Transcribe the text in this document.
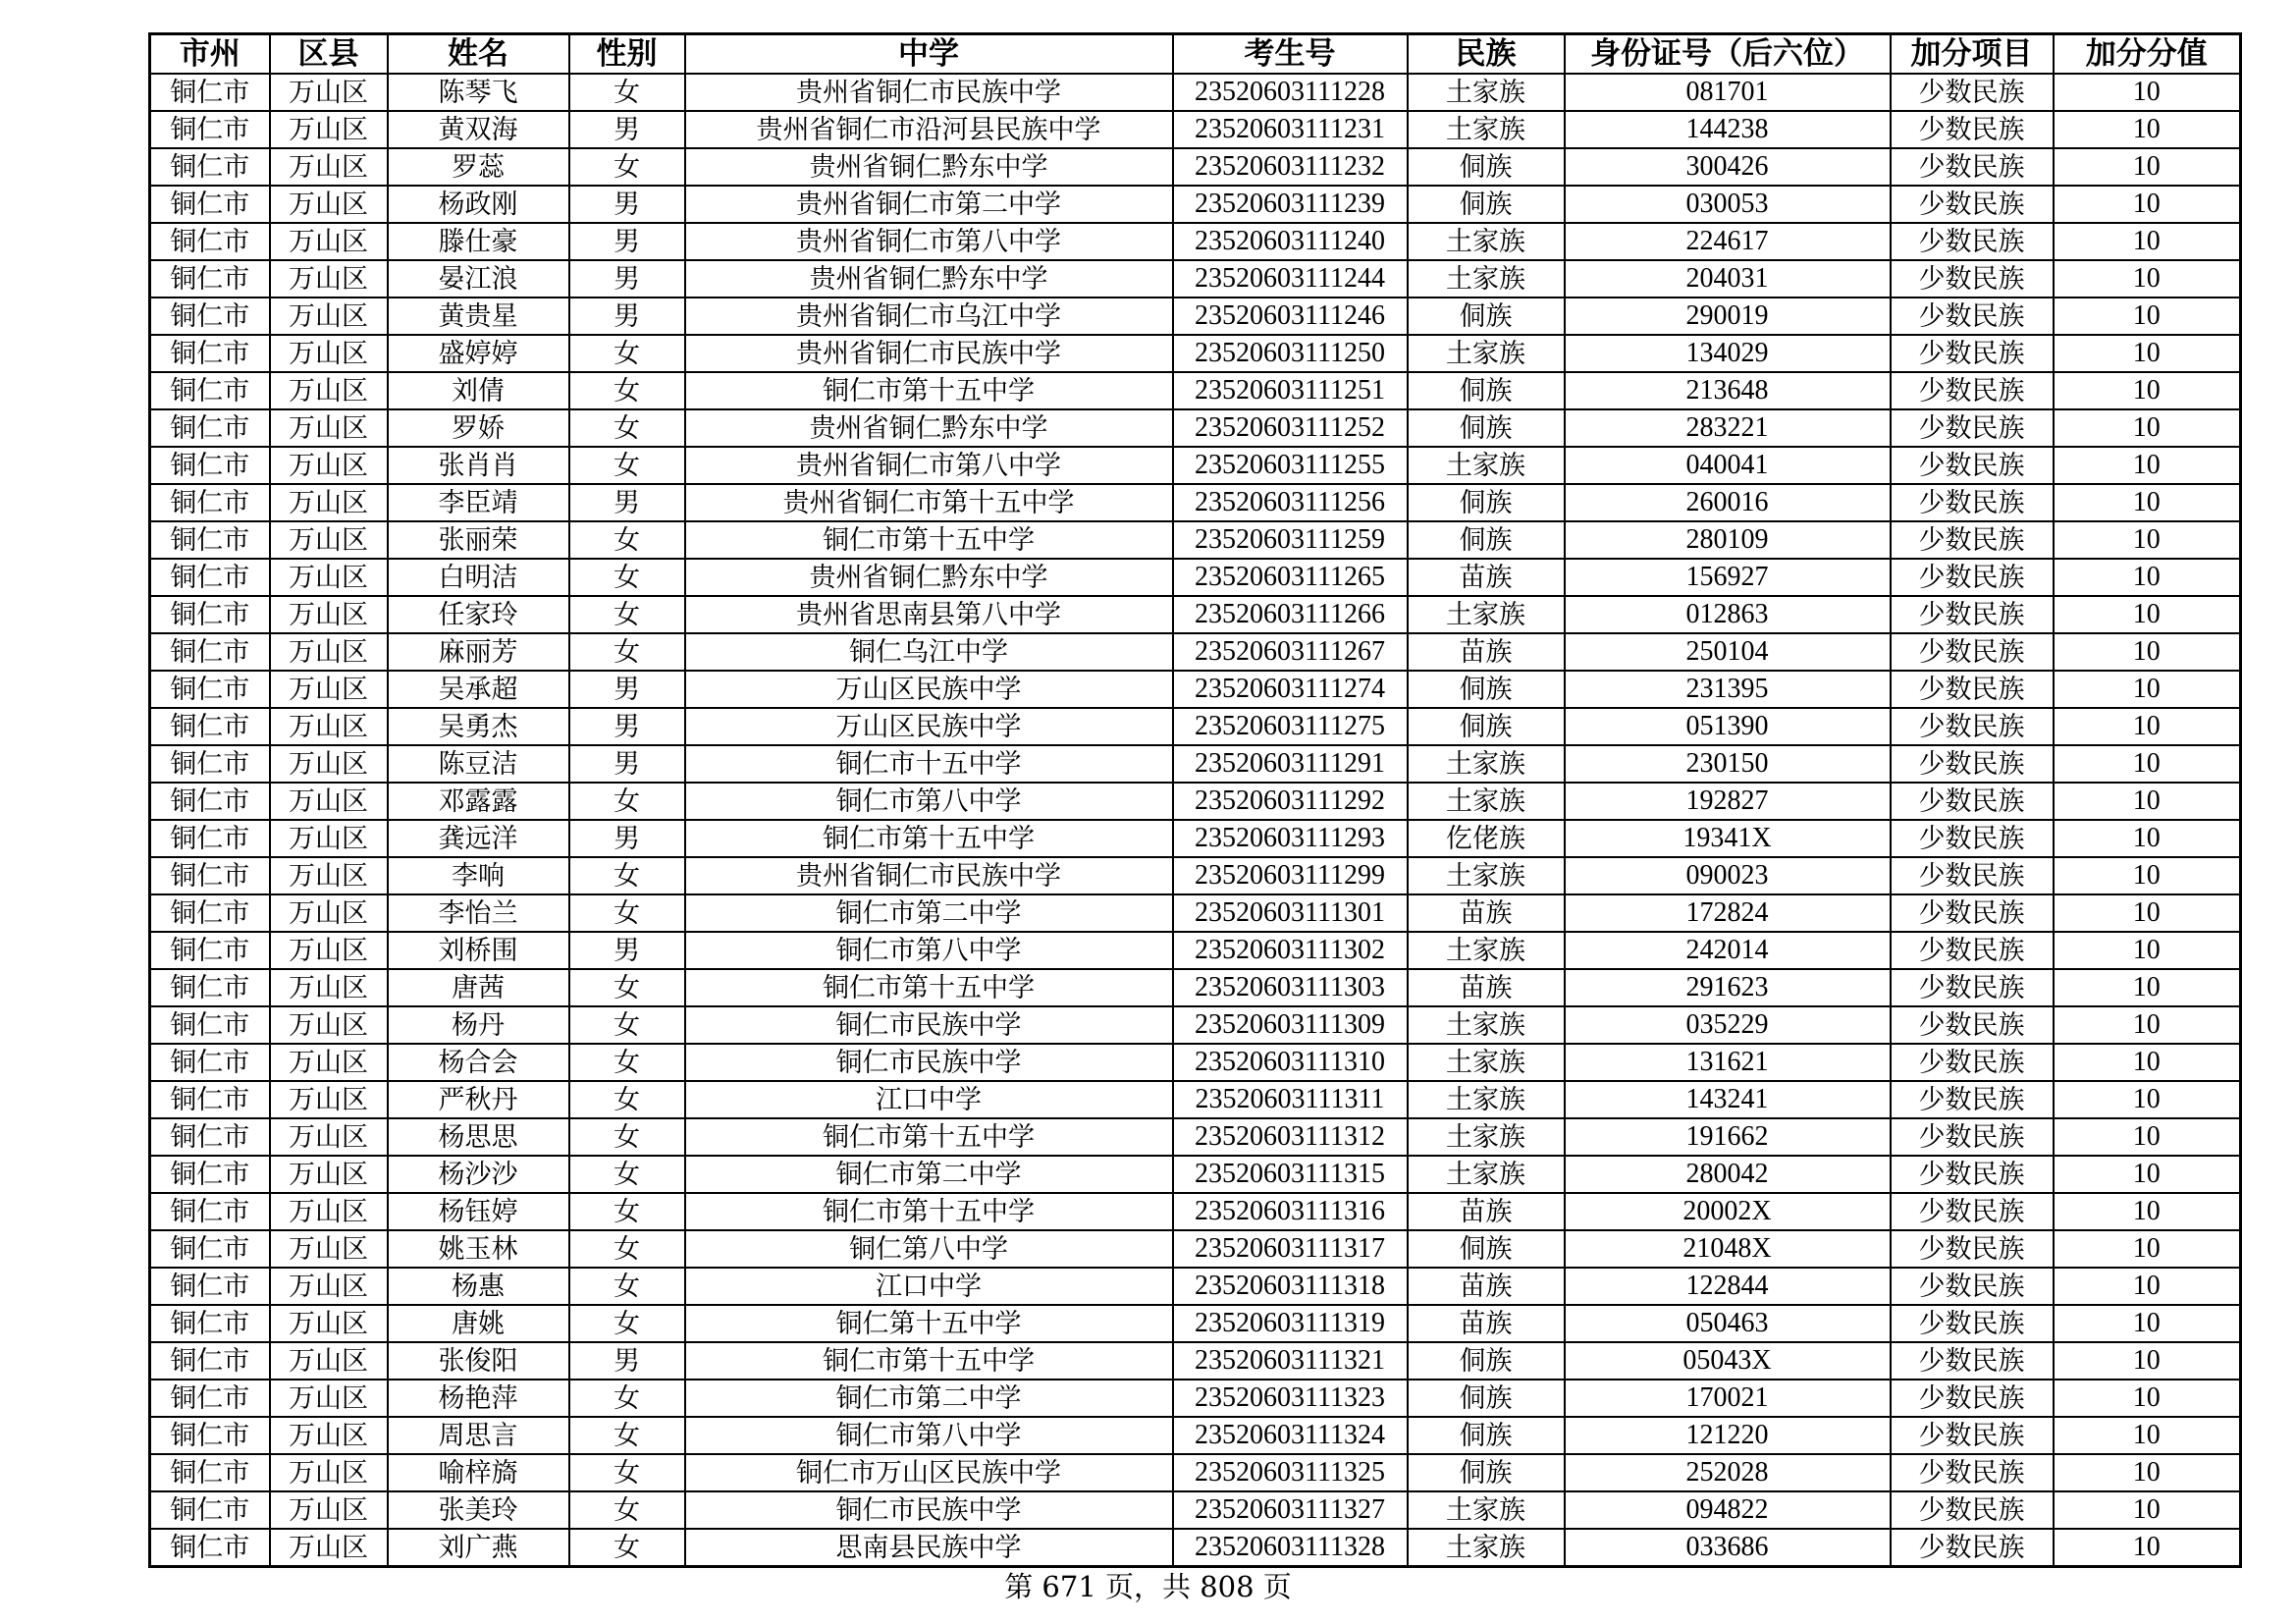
市州	区县	姓名	性别	中学	考生号	民族	身份证号（后六位）	加分项目	加分分值
铜仁市	万山区	陈琴飞	女	贵州省铜仁市民族中学	23520603111228	土家族	081701	少数民族	10
铜仁市	万山区	黄双海	男	贵州省铜仁市沿河县民族中学	23520603111231	土家族	144238	少数民族	10
铜仁市	万山区	罗蕊	女	贵州省铜仁黔东中学	23520603111232	侗族	300426	少数民族	10
铜仁市	万山区	杨政刚	男	贵州省铜仁市第二中学	23520603111239	侗族	030053	少数民族	10
铜仁市	万山区	滕仕豪	男	贵州省铜仁市第八中学	23520603111240	土家族	224617	少数民族	10
铜仁市	万山区	晏江浪	男	贵州省铜仁黔东中学	23520603111244	土家族	204031	少数民族	10
铜仁市	万山区	黄贵星	男	贵州省铜仁市乌江中学	23520603111246	侗族	290019	少数民族	10
铜仁市	万山区	盛婷婷	女	贵州省铜仁市民族中学	23520603111250	土家族	134029	少数民族	10
铜仁市	万山区	刘倩	女	铜仁市第十五中学	23520603111251	侗族	213648	少数民族	10
铜仁市	万山区	罗娇	女	贵州省铜仁黔东中学	23520603111252	侗族	283221	少数民族	10
铜仁市	万山区	张肖肖	女	贵州省铜仁市第八中学	23520603111255	土家族	040041	少数民族	10
铜仁市	万山区	李臣靖	男	贵州省铜仁市第十五中学	23520603111256	侗族	260016	少数民族	10
铜仁市	万山区	张丽荣	女	铜仁市第十五中学	23520603111259	侗族	280109	少数民族	10
铜仁市	万山区	白明洁	女	贵州省铜仁黔东中学	23520603111265	苗族	156927	少数民族	10
铜仁市	万山区	任家玲	女	贵州省思南县第八中学	23520603111266	土家族	012863	少数民族	10
铜仁市	万山区	麻丽芳	女	铜仁乌江中学	23520603111267	苗族	250104	少数民族	10
铜仁市	万山区	吴承超	男	万山区民族中学	23520603111274	侗族	231395	少数民族	10
铜仁市	万山区	吴勇杰	男	万山区民族中学	23520603111275	侗族	051390	少数民族	10
铜仁市	万山区	陈豆洁	男	铜仁市十五中学	23520603111291	土家族	230150	少数民族	10
铜仁市	万山区	邓露露	女	铜仁市第八中学	23520603111292	土家族	192827	少数民族	10
铜仁市	万山区	龚远洋	男	铜仁市第十五中学	23520603111293	仡佬族	19341X	少数民族	10
铜仁市	万山区	李响	女	贵州省铜仁市民族中学	23520603111299	土家族	090023	少数民族	10
铜仁市	万山区	李怡兰	女	铜仁市第二中学	23520603111301	苗族	172824	少数民族	10
铜仁市	万山区	刘桥围	男	铜仁市第八中学	23520603111302	土家族	242014	少数民族	10
铜仁市	万山区	唐茜	女	铜仁市第十五中学	23520603111303	苗族	291623	少数民族	10
铜仁市	万山区	杨丹	女	铜仁市民族中学	23520603111309	土家族	035229	少数民族	10
铜仁市	万山区	杨合会	女	铜仁市民族中学	23520603111310	土家族	131621	少数民族	10
铜仁市	万山区	严秋丹	女	江口中学	23520603111311	土家族	143241	少数民族	10
铜仁市	万山区	杨思思	女	铜仁市第十五中学	23520603111312	土家族	191662	少数民族	10
铜仁市	万山区	杨沙沙	女	铜仁市第二中学	23520603111315	土家族	280042	少数民族	10
铜仁市	万山区	杨钰婷	女	铜仁市第十五中学	23520603111316	苗族	20002X	少数民族	10
铜仁市	万山区	姚玉林	女	铜仁第八中学	23520603111317	侗族	21048X	少数民族	10
铜仁市	万山区	杨惠	女	江口中学	23520603111318	苗族	122844	少数民族	10
铜仁市	万山区	唐姚	女	铜仁第十五中学	23520603111319	苗族	050463	少数民族	10
铜仁市	万山区	张俊阳	男	铜仁市第十五中学	23520603111321	侗族	05043X	少数民族	10
铜仁市	万山区	杨艳萍	女	铜仁市第二中学	23520603111323	侗族	170021	少数民族	10
铜仁市	万山区	周思言	女	铜仁市第八中学	23520603111324	侗族	121220	少数民族	10
铜仁市	万山区	喻梓旖	女	铜仁市万山区民族中学	23520603111325	侗族	252028	少数民族	10
铜仁市	万山区	张美玲	女	铜仁市民族中学	23520603111327	土家族	094822	少数民族	10
铜仁市	万山区	刘广燕	女	思南县民族中学	23520603111328	土家族	033686	少数民族	10
第 671 页，共 808 页
